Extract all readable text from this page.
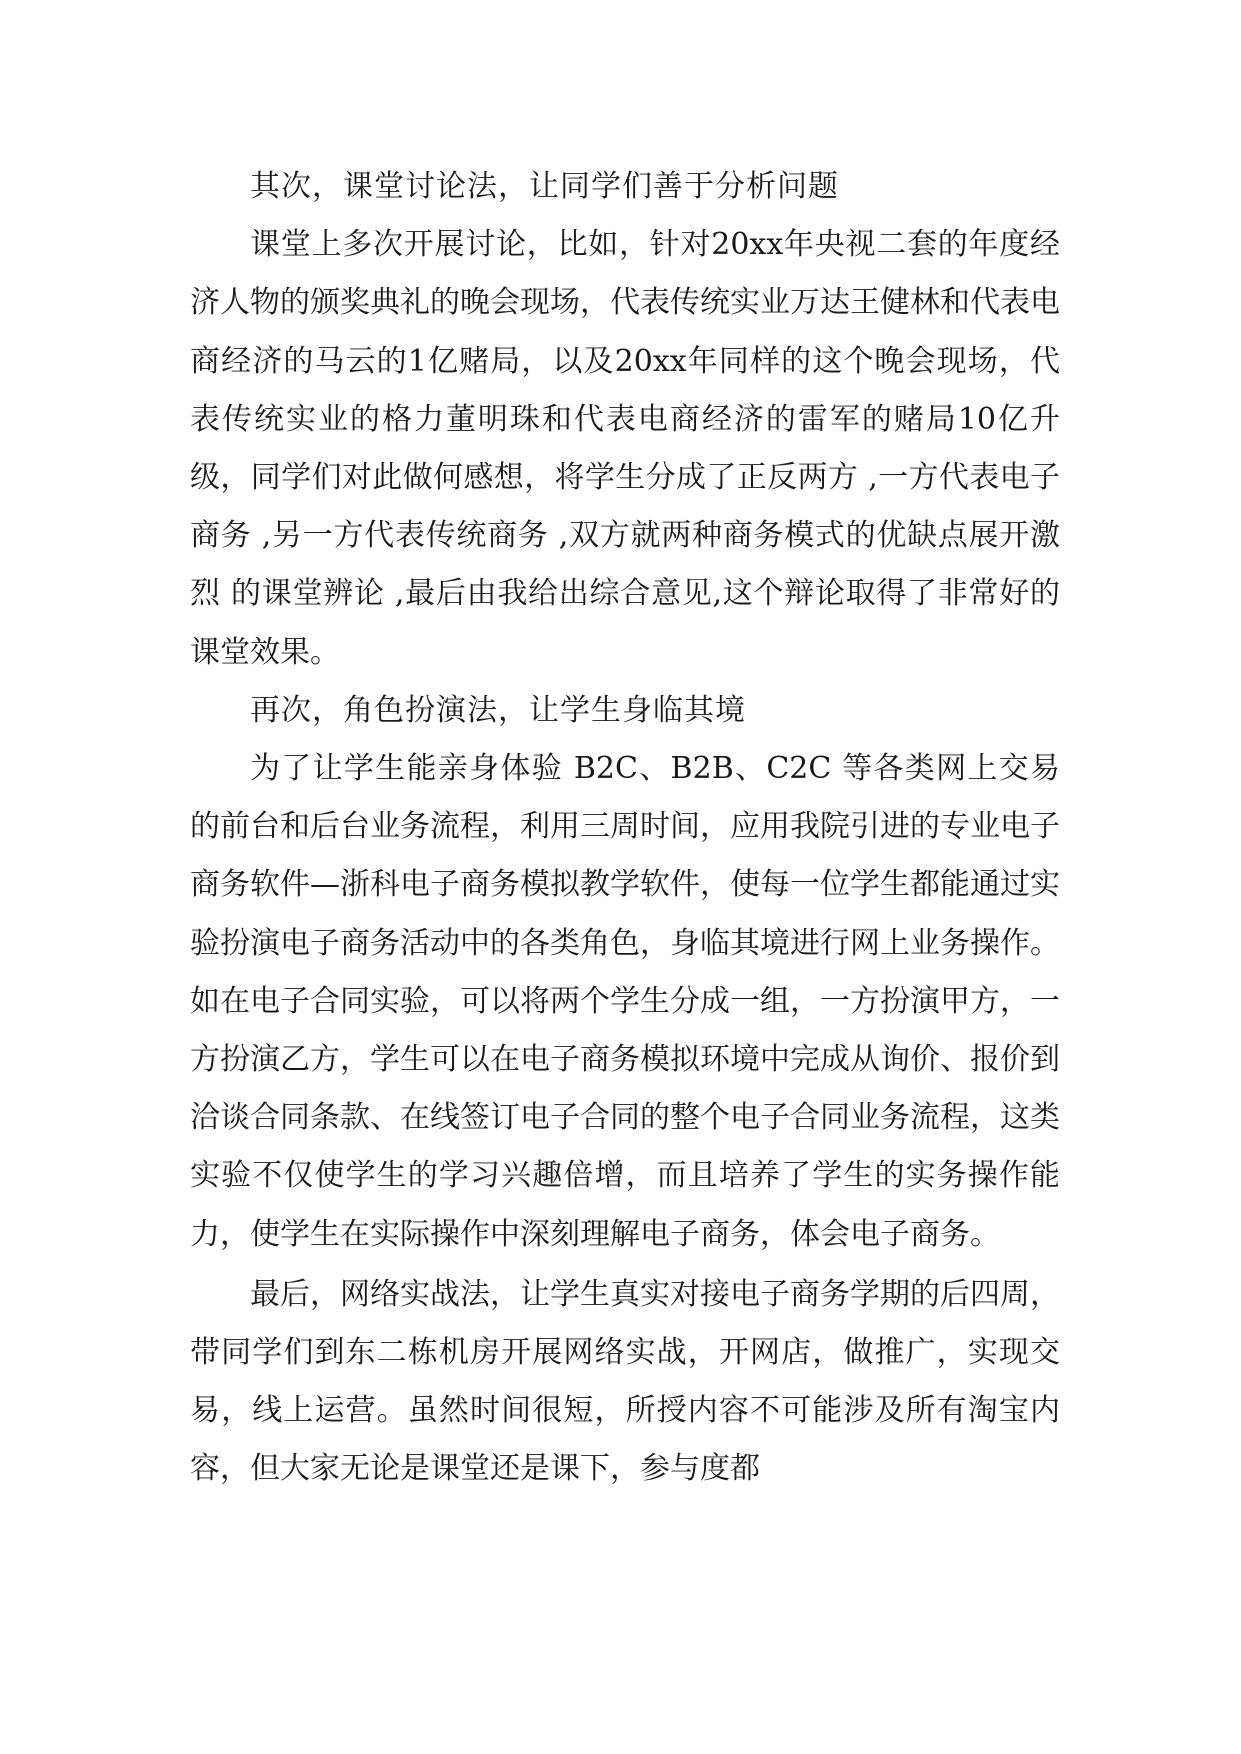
其次，课堂讨论法，让同学们善于分析问题

课堂上多次开展讨论，比如，针对20xx年央视二套的年度经济人物的颁奖典礼的晚会现场，代表传统实业万达王健林和代表电商经济的马云的1亿赌局，以及20xx年同样的这个晚会现场，代表传统实业的格力董明珠和代表电商经济的雷军的赌局10亿升级，同学们对此做何感想，将学生分成了正反两方 ,一方代表电子商务 ,另一方代表传统商务 ,双方就两种商务模式的优缺点展开激烈 的课堂辨论 ,最后由我给出综合意见,这个辩论取得了非常好的课堂效果。

再次，角色扮演法，让学生身临其境

为了让学生能亲身体验 B2C、B2B、C2C 等各类网上交易的前台和后台业务流程，利用三周时间，应用我院引进的专业电子商务软件—浙科电子商务模拟教学软件，使每一位学生都能通过实验扮演电子商务活动中的各类角色，身临其境进行网上业务操作。如在电子合同实验，可以将两个学生分成一组，一方扮演甲方，一方扮演乙方，学生可以在电子商务模拟环境中完成从询价、报价到洽谈合同条款、在线签订电子合同的整个电子合同业务流程，这类实验不仅使学生的学习兴趣倍增，而且培养了学生的实务操作能力，使学生在实际操作中深刻理解电子商务，体会电子商务。

最后，网络实战法，让学生真实对接电子商务学期的后四周，带同学们到东二栋机房开展网络实战，开网店，做推广，实现交易，线上运营。虽然时间很短，所授内容不可能涉及所有淘宝内容，但大家无论是课堂还是课下，参与度都
